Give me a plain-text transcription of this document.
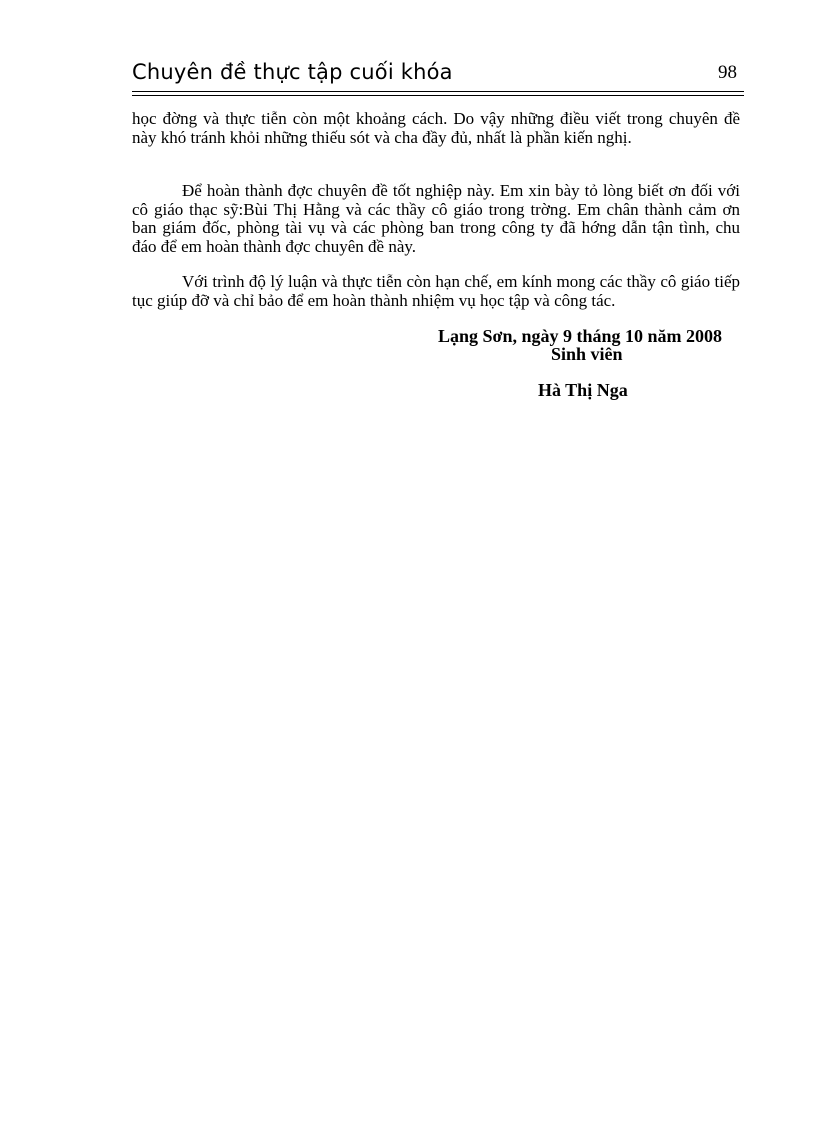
Chuyên đề thực tập cuối khóa	98
học đờng và thực tiễn còn một khoảng cách. Do vậy những điều viết trong chuyên đề này khó tránh khỏi những thiếu sót và cha đầy đủ, nhất là phần kiến nghị.
Để hoàn thành đợc chuyên đề tốt nghiệp này. Em xin bày tỏ lòng biết ơn đối với cô giáo thạc sỹ:Bùi Thị Hằng và các thầy cô giáo trong trờng. Em chân thành cảm ơn ban giám đốc, phòng tài vụ và các phòng ban trong công ty đã hớng dẫn tận tình, chu đáo để em hoàn thành đợc chuyên đề này.
Với trình độ lý luận và thực tiễn còn hạn chế, em kính mong các thầy cô giáo tiếp tục giúp đỡ và chỉ bảo để em hoàn thành nhiệm vụ học tập và công tác.
Lạng Sơn, ngày 9 tháng 10 năm 2008
Sinh viên
Hà Thị Nga
